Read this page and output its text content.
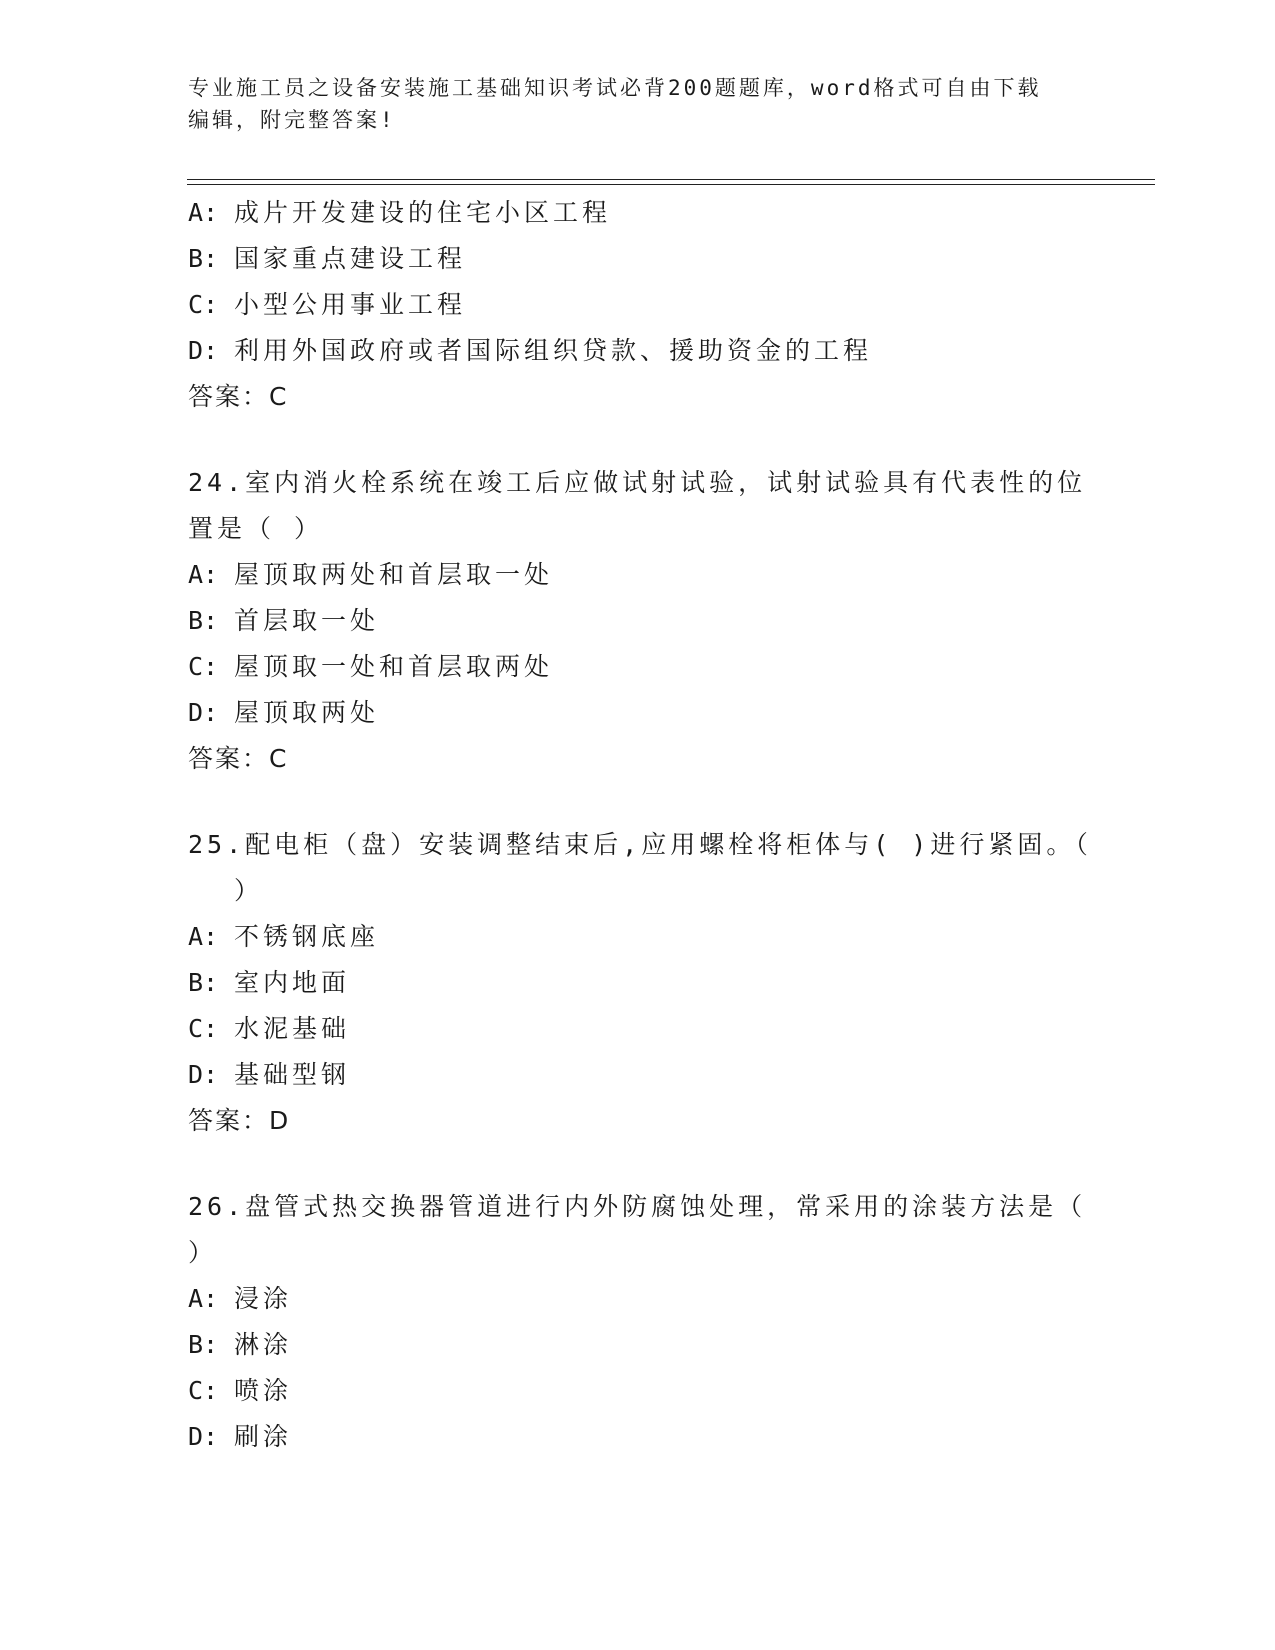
专业施工员之设备安装施工基础知识考试必背200题题库，word格式可自由下载
编辑，附完整答案!
A: 成片开发建设的住宅小区工程
B: 国家重点建设工程
C: 小型公用事业工程
D: 利用外国政府或者国际组织贷款、援助资金的工程
答案：C
24.室内消火栓系统在竣工后应做试射试验，试射试验具有代表性的位
置是（ ）
A: 屋顶取两处和首层取一处
B: 首层取一处
C: 屋顶取一处和首层取两处
D: 屋顶取两处
答案：C
25.配电柜（盘）安装调整结束后,应用螺栓将柜体与( )进行紧固。（
）
A: 不锈钢底座
B: 室内地面
C: 水泥基础
D: 基础型钢
答案：D
26.盘管式热交换器管道进行内外防腐蚀处理，常采用的涂装方法是（
）
A: 浸涂
B: 淋涂
C: 喷涂
D: 刷涂
